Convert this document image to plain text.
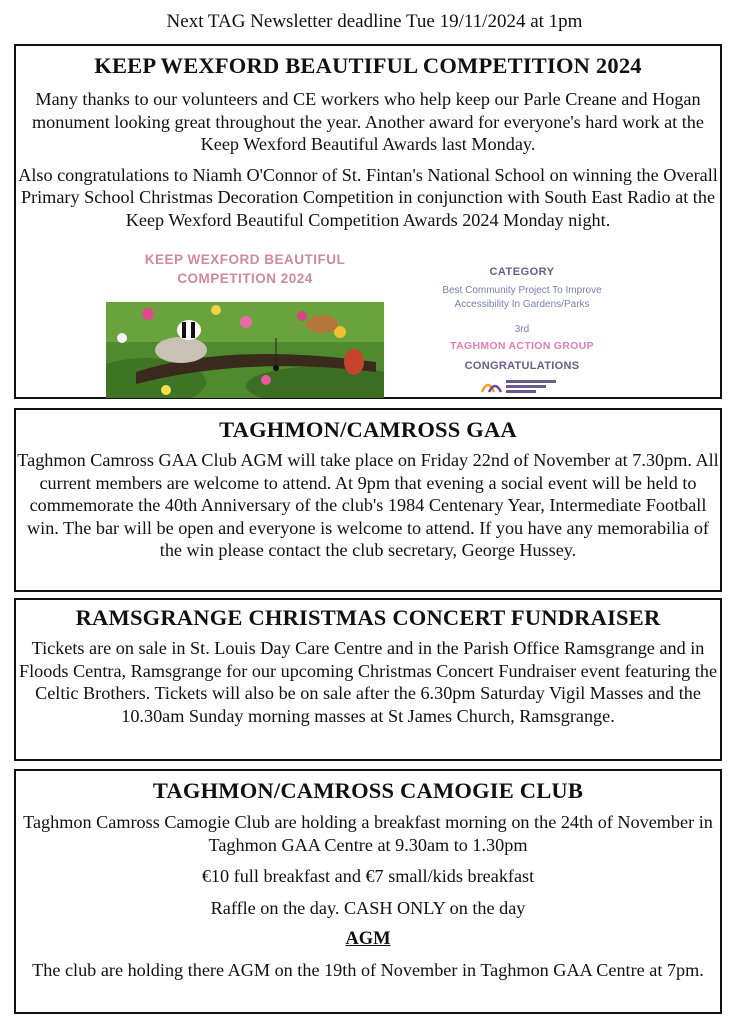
Next TAG Newsletter deadline Tue 19/11/2024 at 1pm
KEEP WEXFORD BEAUTIFUL COMPETITION 2024

Many thanks to our volunteers and CE workers who help keep our Parle Creane and Hogan monument looking great throughout the year. Another award for everyone's hard work at the Keep Wexford Beautiful Awards last Monday.

Also congratulations to Niamh O'Connor of St. Fintan's National School on winning the Overall Primary School Christmas Decoration Competition in conjunction with South East Radio at the Keep Wexford Beautiful Competition Awards 2024 Monday night.

KEEP WEXFORD BEAUTIFUL
COMPETITION 2024	CATEGORY
Best Community Project To Improve
Accessibility In Gardens/Parks
3rd
TAGHMON ACTION GROUP
CONGRATULATIONS
TAGHMON/CAMROSS GAA

Taghmon Camross GAA Club AGM will take place on Friday 22nd of November at 7.30pm. All current members are welcome to attend. At 9pm that evening a social event will be held to commemorate the 40th Anniversary of the club's 1984 Centenary Year, Intermediate Football win. The bar will be open and everyone is welcome to attend. If you have any memorabilia of the win please contact the club secretary, George Hussey.

RAMSGRANGE CHRISTMAS CONCERT FUNDRAISER

Tickets are on sale in St. Louis Day Care Centre and in the Parish Office Ramsgrange and in Floods Centra, Ramsgrange for our upcoming Christmas Concert Fundraiser event featuring the Celtic Brothers. Tickets will also be on sale after the 6.30pm Saturday Vigil Masses and the 10.30am Sunday morning masses at St James Church, Ramsgrange.

TAGHMON/CAMROSS CAMOGIE CLUB

Taghmon Camross Camogie Club are holding a breakfast morning on the 24th of November in Taghmon GAA Centre at 9.30am to 1.30pm

€10 full breakfast and €7 small/kids breakfast

Raffle on the day. CASH ONLY on the day

AGM

The club are holding there AGM on the 19th of November in Taghmon GAA Centre at 7pm.
